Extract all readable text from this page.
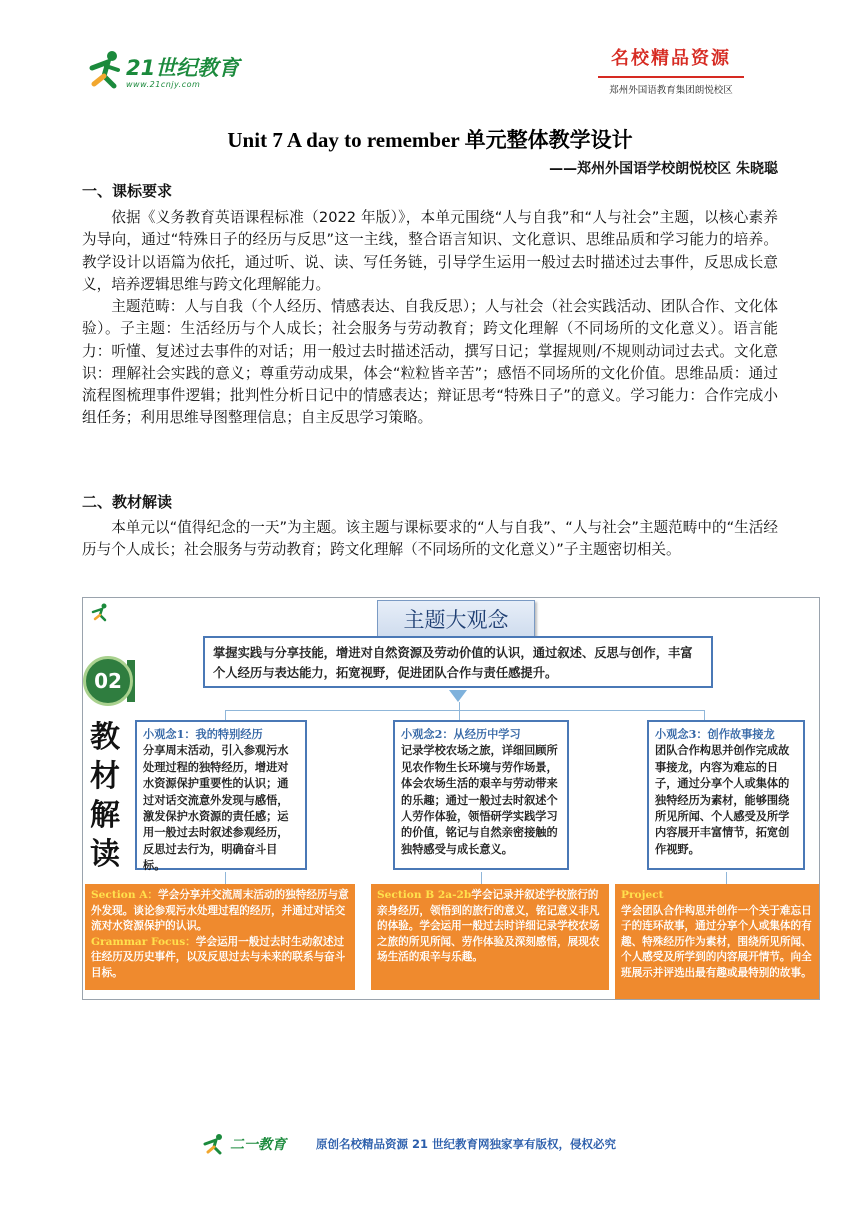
21世纪教育
www.21cnjy.com
名校精品资源
郑州外国语教育集团朗悦校区
Unit 7 A day to remember 单元整体教学设计
——郑州外国语学校朗悦校区 朱晓聪
一、课标要求

依据《义务教育英语课程标准（2022 年版）》，本单元围绕“人与自我”和“人与社会”主题，以核心素养为导向，通过“特殊日子的经历与反思”这一主线，整合语言知识、文化意识、思维品质和学习能力的培养。教学设计以语篇为依托，通过听、说、读、写任务链，引导学生运用一般过去时描述过去事件，反思成长意义，培养逻辑思维与跨文化理解能力。

主题范畴：人与自我（个人经历、情感表达、自我反思）；人与社会（社会实践活动、团队合作、文化体验）。子主题：生活经历与个人成长；社会服务与劳动教育；跨文化理解（不同场所的文化意义）。语言能力：听懂、复述过去事件的对话；用一般过去时描述活动，撰写日记；掌握规则/不规则动词过去式。文化意识：理解社会实践的意义；尊重劳动成果，体会“粒粒皆辛苦”；感悟不同场所的文化价值。思维品质：通过流程图梳理事件逻辑；批判性分析日记中的情感表达；辩证思考“特殊日子”的意义。学习能力：合作完成小组任务；利用思维导图整理信息；自主反思学习策略。

二、教材解读

本单元以“值得纪念的一天”为主题。该主题与课标要求的“人与自我”、“人与社会”主题范畴中的“生活经历与个人成长；社会服务与劳动教育；跨文化理解（不同场所的文化意义）”子主题密切相关。

主题大观念
掌握实践与分享技能，增进对自然资源及劳动价值的认识，通过叙述、反思与创作，丰富个人经历与表达能力，拓宽视野，促进团队合作与责任感提升。
02
教材解读
小观念1：我的特别经历
分享周末活动，引入参观污水处理过程的独特经历，增进对水资源保护重要性的认识；通过对话交流意外发现与感悟，激发保护水资源的责任感；运用一般过去时叙述参观经历，反思过去行为，明确奋斗目标。
小观念2：从经历中学习
记录学校农场之旅，详细回顾所见农作物生长环境与劳作场景，体会农场生活的艰辛与劳动带来的乐趣；通过一般过去时叙述个人劳作体验，领悟研学实践学习的价值，铭记与自然亲密接触的独特感受与成长意义。
小观念3：创作故事接龙
团队合作构思并创作完成故事接龙，内容为难忘的日子，通过分享个人或集体的独特经历为素材，能够围绕所见所闻、个人感受及所学内容展开丰富情节，拓宽创作视野。
Section A：学会分享并交流周末活动的独特经历与意外发现。谈论参观污水处理过程的经历，并通过对话交流对水资源保护的认识。
Grammar Focus：学会运用一般过去时生动叙述过往经历及历史事件，以及反思过去与未来的联系与奋斗目标。
Section B 2a-2b学会记录并叙述学校旅行的亲身经历，领悟到的旅行的意义，铭记意义非凡的体验。学会运用一般过去时详细记录学校农场之旅的所见所闻、劳作体验及深刻感悟，展现农场生活的艰辛与乐趣。
Project
学会团队合作构思并创作一个关于难忘日子的连环故事，通过分享个人或集体的有趣、特殊经历作为素材，围绕所见所闻、个人感受及所学到的内容展开情节。向全班展示并评选出最有趣或最特别的故事。
二一教育	原创名校精品资源 21 世纪教育网独家享有版权，侵权必究
